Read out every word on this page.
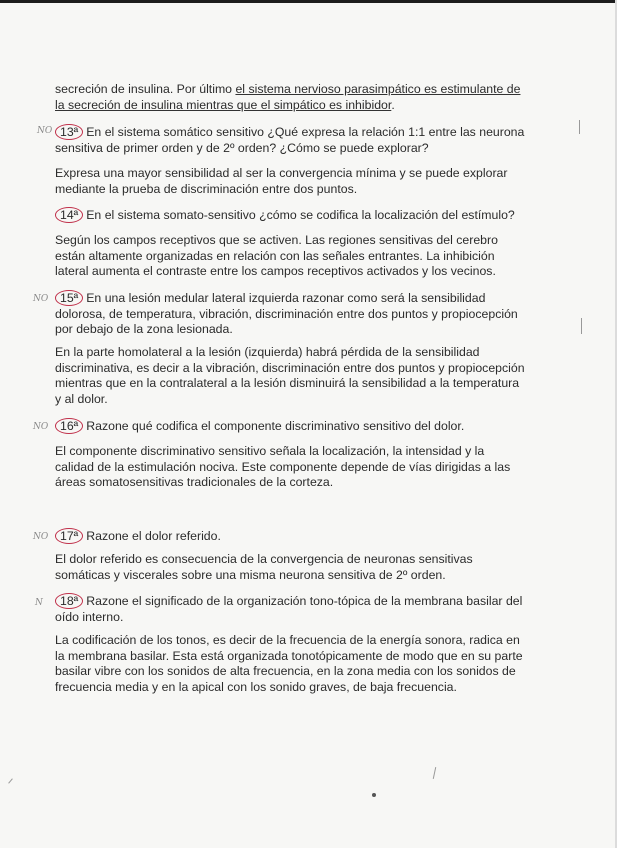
secreción de insulina. Por último el sistema nervioso parasimpático es estimulante de la secreción de insulina mientras que el simpático es inhibidor.
NO 13ª En el sistema somático sensitivo ¿Qué expresa la relación 1:1 entre las neurona sensitiva de primer orden y de 2º orden? ¿Cómo se puede explorar?
Expresa una mayor sensibilidad al ser la convergencia mínima y se puede explorar mediante la prueba de discriminación entre dos puntos.
14ª En el sistema somato-sensitivo ¿cómo se codifica la localización del estímulo?
Según los campos receptivos que se activen. Las regiones sensitivas del cerebro están altamente organizadas en relación con las señales entrantes. La inhibición lateral aumenta el contraste entre los campos receptivos activados y los vecinos.
NO 15ª En una lesión medular lateral izquierda razonar como será la sensibilidad dolorosa, de temperatura, vibración, discriminación entre dos puntos y propiocepción por debajo de la zona lesionada.
En la parte homolateral a la lesión (izquierda) habrá pérdida de la sensibilidad discriminativa, es decir a la vibración, discriminación entre dos puntos y propiocepción mientras que en la contralateral a la lesión disminuirá la sensibilidad a la temperatura y al dolor.
NO 16ª Razone qué codifica el componente discriminativo sensitivo del dolor.
El componente discriminativo sensitivo señala la localización, la intensidad y la calidad de la estimulación nociva. Este componente depende de vías dirigidas a las áreas somatosensitivas tradicionales de la corteza.
NO 17ª Razone el dolor referido.
El dolor referido es consecuencia de la convergencia de neuronas sensitivas somáticas y viscerales sobre una misma neurona sensitiva de 2º orden.
N	18ª Razone el significado de la organización tono-tópica de la membrana basilar del oído interno.
La codificación de los tonos, es decir de la frecuencia de la energía sonora, radica en la membrana basilar. Esta está organizada tonotópicamente de modo que en su parte basilar vibre con los sonidos de alta frecuencia, en la zona media con los sonidos de frecuencia media y en la apical con los sonido graves, de baja frecuencia.
